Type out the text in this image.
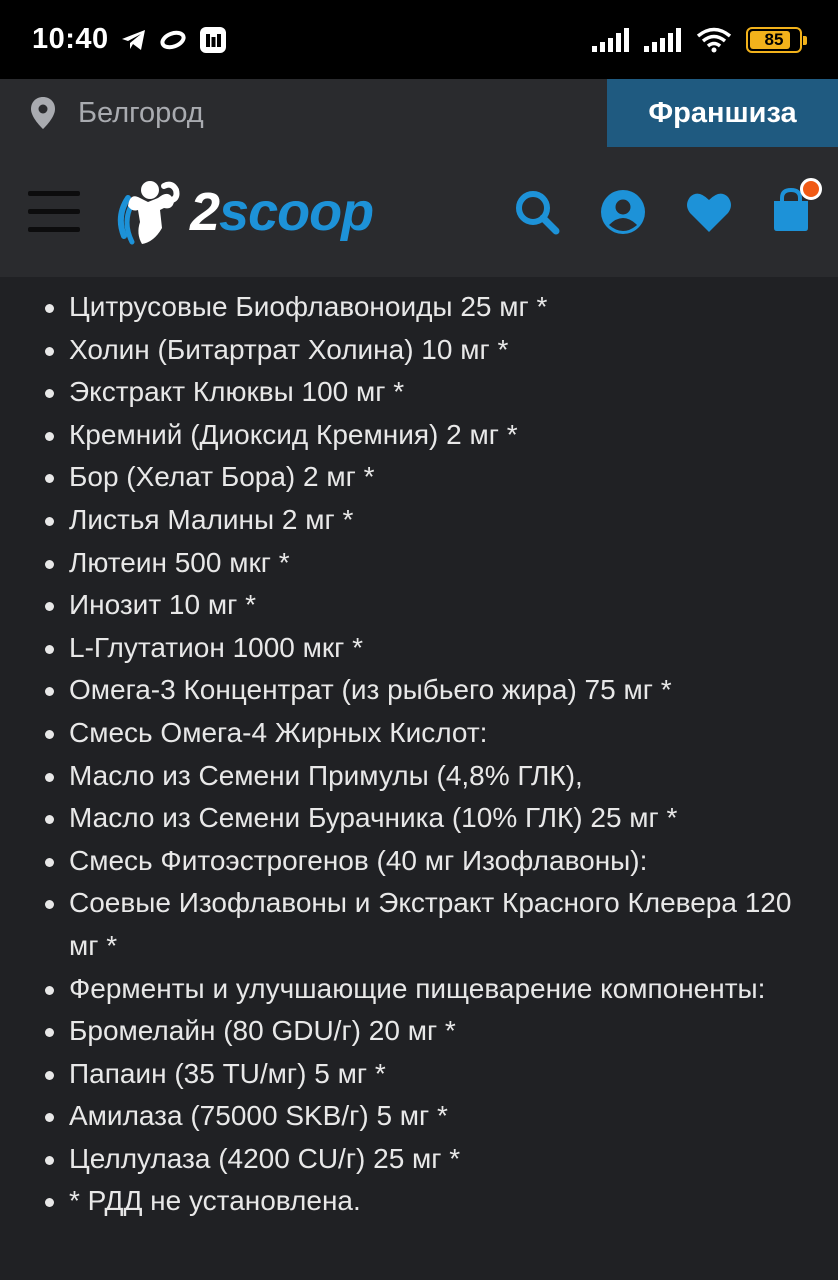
10:40	85
Белгород	Франшиза
2scoop
Цитрусовые Биофлавоноиды 25 мг *
Холин (Битартрат Холина) 10 мг *
Экстракт Клюквы 100 мг *
Кремний (Диоксид Кремния) 2 мг *
Бор (Хелат Бора) 2 мг *
Листья Малины 2 мг *
Лютеин 500 мкг *
Инозит 10 мг *
L-Глутатион 1000 мкг *
Омега-3 Концентрат (из рыбьего жира) 75 мг *
Смесь Омега-4 Жирных Кислот:
Масло из Семени Примулы (4,8% ГЛК),
Масло из Семени Бурачника (10% ГЛК) 25 мг *
Смесь Фитоэстрогенов (40 мг Изофлавоны):
Соевые Изофлавоны и Экстракт Красного Клевера 120 мг *
Ферменты и улучшающие пищеварение компоненты:
Бромелайн (80 GDU/г) 20 мг *
Папаин (35 TU/мг) 5 мг *
Амилаза (75000 SKB/г) 5 мг *
Целлулаза (4200 CU/г) 25 мг *
* РДД не установлена.
